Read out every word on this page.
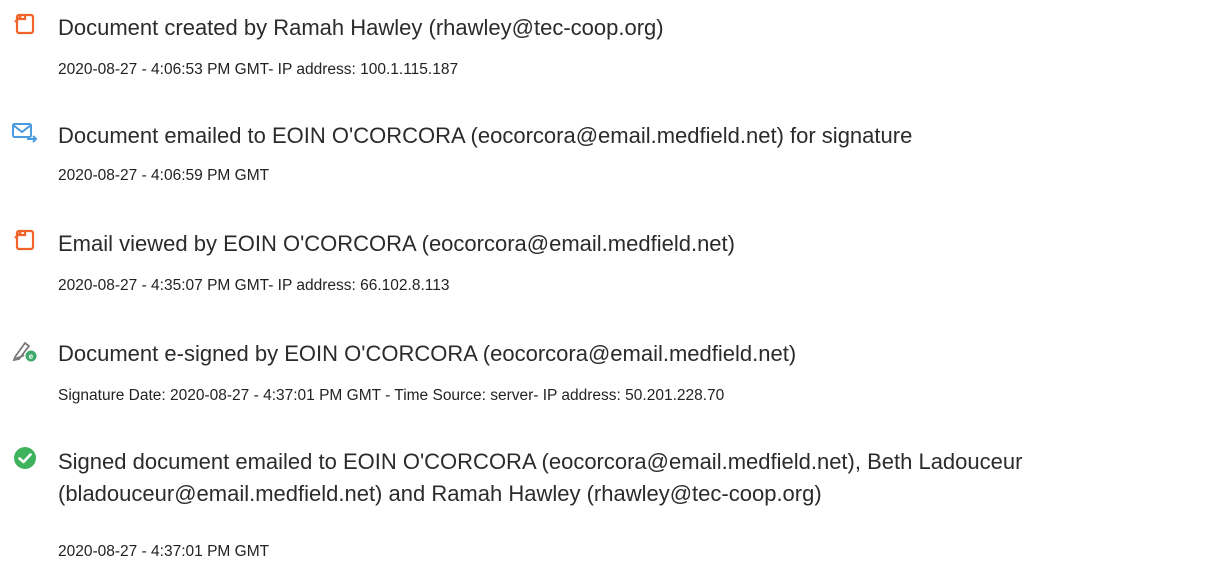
Document created by Ramah Hawley (rhawley@tec-coop.org)
2020-08-27 - 4:06:53 PM GMT- IP address: 100.1.115.187
Document emailed to EOIN O'CORCORA (eocorcora@email.medfield.net) for signature
2020-08-27 - 4:06:59 PM GMT
Email viewed by EOIN O'CORCORA (eocorcora@email.medfield.net)
2020-08-27 - 4:35:07 PM GMT- IP address: 66.102.8.113
e Document e-signed by EOIN O'CORCORA (eocorcora@email.medfield.net)
Signature Date: 2020-08-27 - 4:37:01 PM GMT - Time Source: server- IP address: 50.201.228.70
Signed document emailed to EOIN O'CORCORA (eocorcora@email.medfield.net), Beth Ladouceur (bladouceur@email.medfield.net) and Ramah Hawley (rhawley@tec-coop.org)
2020-08-27 - 4:37:01 PM GMT
